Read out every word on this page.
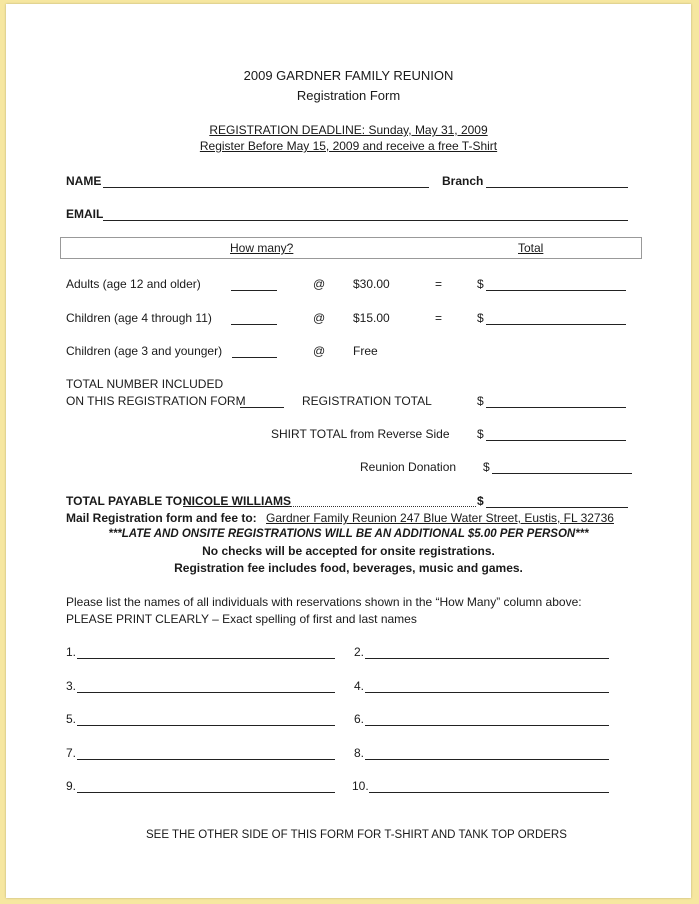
2009 GARDNER FAMILY REUNION
Registration Form
REGISTRATION DEADLINE: Sunday, May 31, 2009
Register Before May 15, 2009 and receive a free T-Shirt
NAME	Branch
EMAIL
How many?	Total
Adults (age 12 and older)	@ $30.00	=	$
Children (age 4 through 11)	@ $15.00	=	$
Children (age 3 and younger)	@ Free
TOTAL NUMBER INCLUDED
ON THIS REGISTRATION FORM	REGISTRATION TOTAL	$
SHIRT TOTAL from Reverse Side $
Reunion Donation $
TOTAL PAYABLE TO:
NICOLE WILLIAMS	$
Mail Registration form and fee to: Gardner Family Reunion 247 Blue Water Street, Eustis, FL 32736
***LATE AND ONSITE REGISTRATIONS WILL BE AN ADDITIONAL $5.00 PER PERSON***
No checks will be accepted for onsite registrations.
Registration fee includes food, beverages, music and games.
Please list the names of all individuals with reservations shown in the “How Many” column above:
PLEASE PRINT CLEARLY – Exact spelling of first and last names
1.	2.
3.	4.
5.	6.
7.	8.
9.	10.
SEE THE OTHER SIDE OF THIS FORM FOR T-SHIRT AND TANK TOP ORDERS
